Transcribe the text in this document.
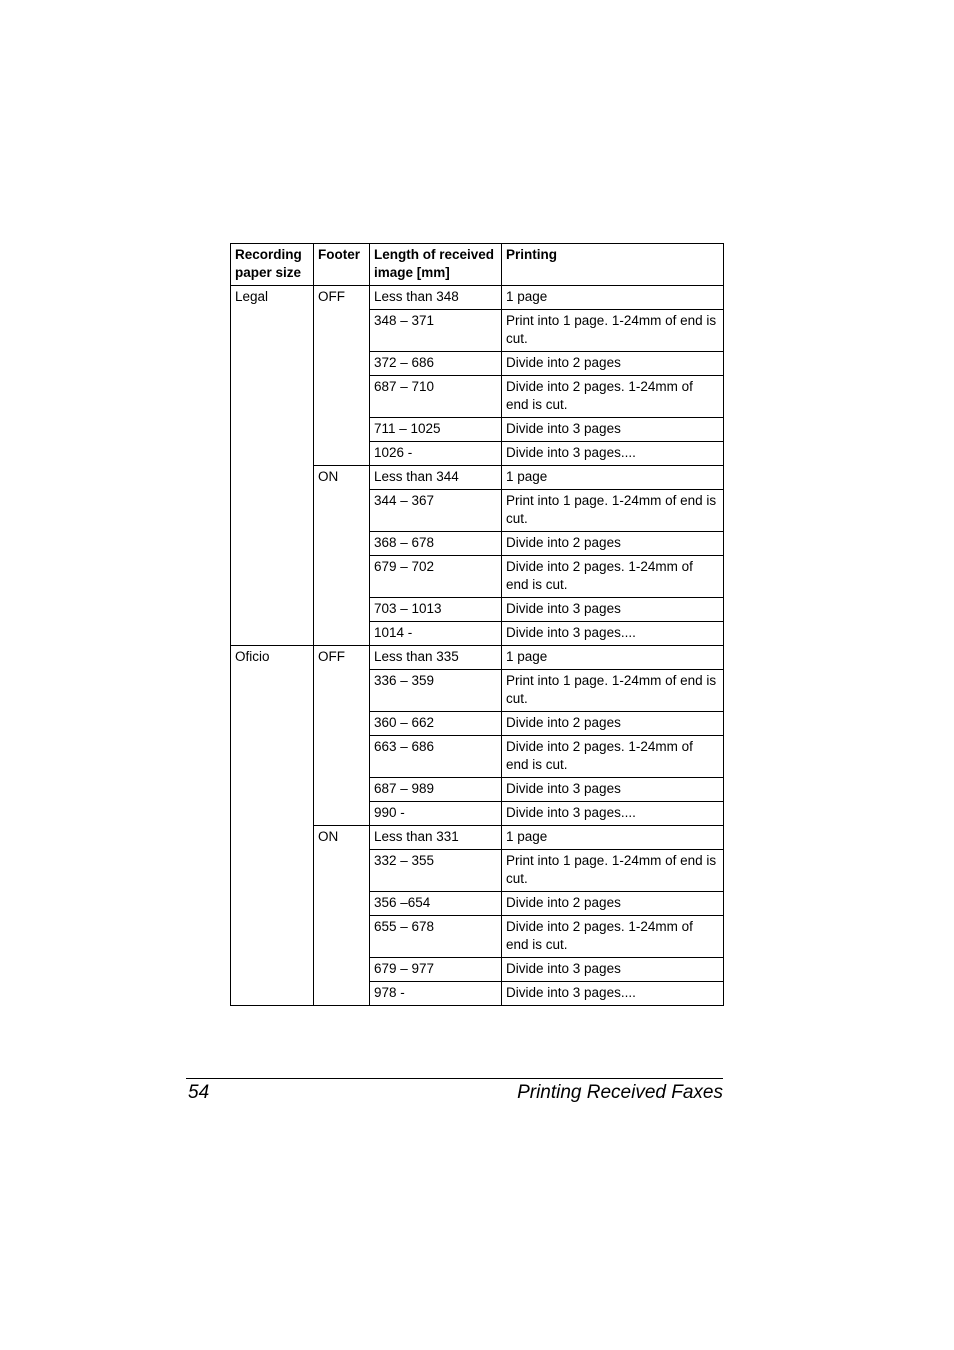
Recording paper size	Footer	Length of received image [mm]	Printing
Legal	OFF	Less than 348	1 page
		348 – 371	Print into 1 page. 1-24mm of end is cut.
		372 – 686	Divide into 2 pages
		687 – 710	Divide into 2 pages. 1-24mm of end is cut.
		711 – 1025	Divide into 3 pages
		1026 -	Divide into 3 pages....
	ON	Less than 344	1 page
		344 – 367	Print into 1 page. 1-24mm of end is cut.
		368 – 678	Divide into 2 pages
		679 – 702	Divide into 2 pages. 1-24mm of end is cut.
		703 – 1013	Divide into 3 pages
		1014 -	Divide into 3 pages....
Oficio	OFF	Less than 335	1 page
		336 – 359	Print into 1 page. 1-24mm of end is cut.
		360 – 662	Divide into 2 pages
		663 – 686	Divide into 2 pages. 1-24mm of end is cut.
		687 – 989	Divide into 3 pages
		990 -	Divide into 3 pages....
	ON	Less than 331	1 page
		332 – 355	Print into 1 page. 1-24mm of end is cut.
		356 –654	Divide into 2 pages
		655 – 678	Divide into 2 pages. 1-24mm of end is cut.
		679 – 977	Divide into 3 pages
		978 -	Divide into 3 pages....
54	Printing Received Faxes
